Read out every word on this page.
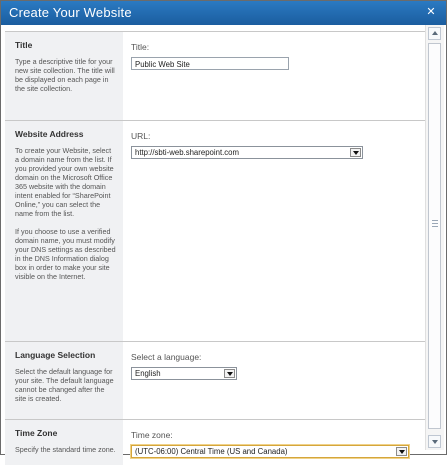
Create Your Website	✕
Title

Type a descriptive title for your new site collection. The title will be displayed on each page in the site collection.

Title:
Public Web Site
Website Address

To create your Website, select a domain name from the list. If you provided your own website domain on the Microsoft Office 365 website with the domain intent enabled for “SharePoint Online,” you can select the name from the list.

If you choose to use a verified domain name, you must modify your DNS settings as described in the DNS Information dialog box in order to make your site visible on the Internet.

URL:
http://sbti-web.sharepoint.com
Language Selection

Select the default language for your site. The default language cannot be changed after the site is created.

Select a language:
English
Time Zone

Specify the standard time zone.

Time zone:
(UTC-06:00) Central Time (US and Canada)
